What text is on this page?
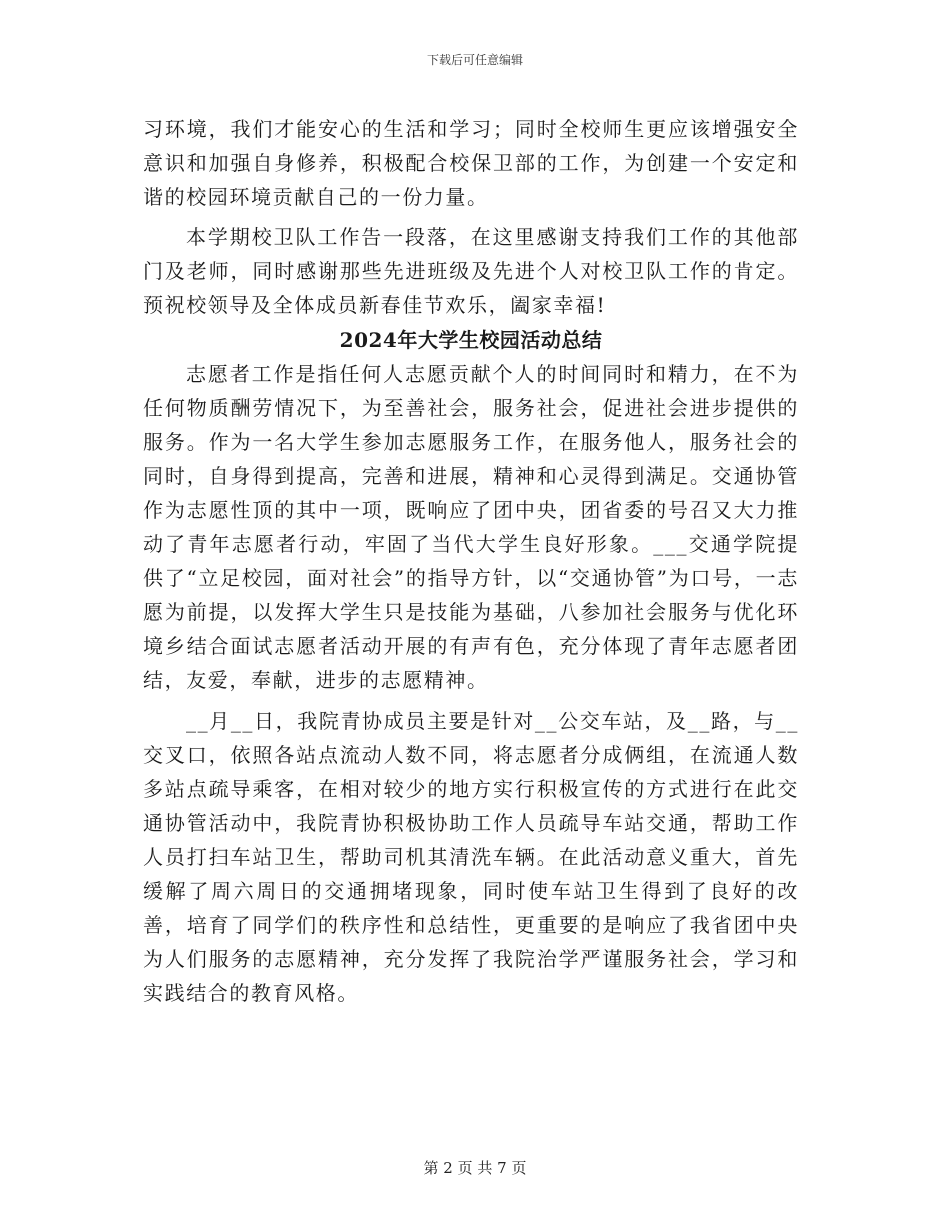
下载后可任意编辑

习环境，我们才能安心的生活和学习；同时全校师生更应该增强安全意识和加强自身修养，积极配合校保卫部的工作，为创建一个安定和谐的校园环境贡献自己的一份力量。

本学期校卫队工作告一段落，在这里感谢支持我们工作的其他部门及老师，同时感谢那些先进班级及先进个人对校卫队工作的肯定。预祝校领导及全体成员新春佳节欢乐，阖家幸福!

2024年大学生校园活动总结

志愿者工作是指任何人志愿贡献个人的时间同时和精力，在不为任何物质酬劳情况下，为至善社会，服务社会，促进社会进步提供的服务。作为一名大学生参加志愿服务工作，在服务他人，服务社会的同时，自身得到提高，完善和进展，精神和心灵得到满足。交通协管作为志愿性顶的其中一项，既响应了团中央，团省委的号召又大力推动了青年志愿者行动，牢固了当代大学生良好形象。___交通学院提供了“立足校园，面对社会”的指导方针，以“交通协管”为口号，一志愿为前提，以发挥大学生只是技能为基础，八参加社会服务与优化环境乡结合面试志愿者活动开展的有声有色，充分体现了青年志愿者团结，友爱，奉献，进步的志愿精神。

__月__日，我院青协成员主要是针对__公交车站，及__路，与__交叉口，依照各站点流动人数不同，将志愿者分成俩组，在流通人数多站点疏导乘客，在相对较少的地方实行积极宣传的方式进行在此交通协管活动中，我院青协积极协助工作人员疏导车站交通，帮助工作人员打扫车站卫生，帮助司机其清洗车辆。在此活动意义重大，首先缓解了周六周日的交通拥堵现象，同时使车站卫生得到了良好的改善，培育了同学们的秩序性和总结性，更重要的是响应了我省团中央为人们服务的志愿精神，充分发挥了我院治学严谨服务社会，学习和实践结合的教育风格。

第 2 页 共 7 页
